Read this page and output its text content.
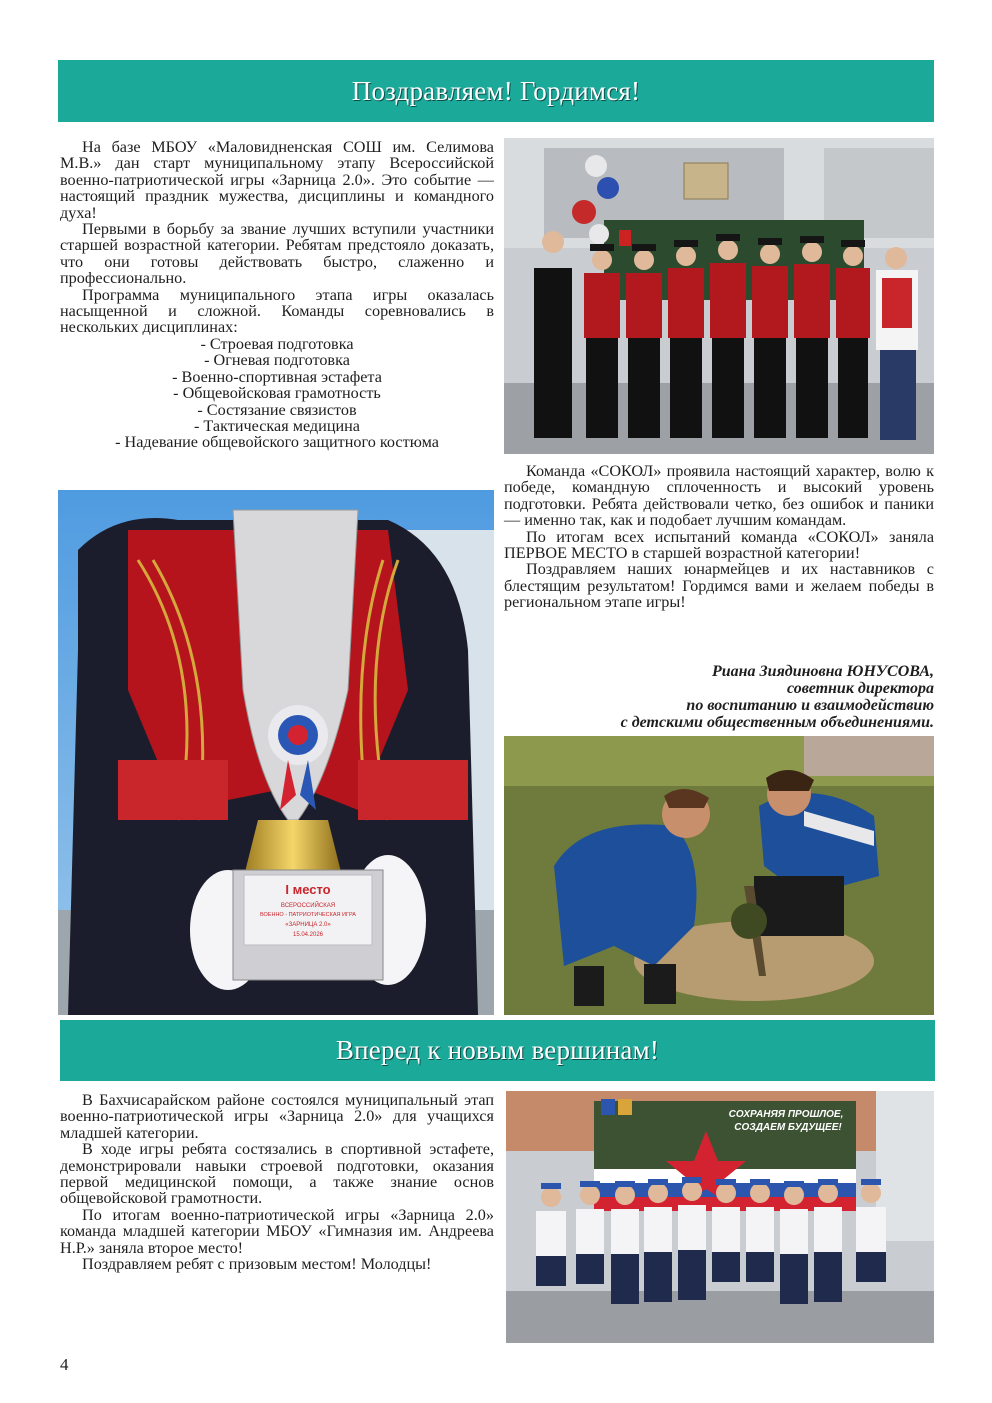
Поздравляем! Гордимся!

На базе МБОУ «Маловидненская СОШ им. Селимова М.В.» дан старт муниципальному этапу Всероссийской военно-патриотической игры «Зарница 2.0». Это событие — настоящий праздник мужества, дисциплины и командного духа!

Первыми в борьбу за звание лучших вступили участники старшей возрастной категории. Ребятам предстояло доказать, что они готовы действовать быстро, слаженно и профессионально.

Программа муниципального этапа игры оказалась насыщенной и сложной. Команды соревновались в нескольких дисциплинах:

- Строевая подготовка
- Огневая подготовка
- Военно-спортивная эстафета
- Общевойсковая грамотность
- Состязание связистов
- Тактическая медицина
- Надевание общевойского защитного костюма
I место
ВСЕРОССИЙСКАЯ
ВОЕННО - ПАТРИОТИЧЕСКАЯ ИГРА
«ЗАРНИЦА 2.0»
15.04.2026

Команда «СОКОЛ» проявила настоящий характер, волю к победе, командную сплоченность и высокий уровень подготовки. Ребята действовали четко, без ошибок и паники — именно так, как и подобает лучшим командам.

По итогам всех испытаний команда «СОКОЛ» заняла ПЕРВОЕ МЕСТО в старшей возрастной категории!

Поздравляем наших юнармейцев и их наставников с блестящим результатом! Гордимся вами и желаем победы в региональном этапе игры!

Риана Зиядиновна ЮНУСОВА,
советник директора
по воспитанию и взаимодействию
с детскими общественным объединениями.
Вперед к новым вершинам!

В Бахчисарайском районе состоялся муниципальный этап военно-патриотической игры «Зарница 2.0» для учащихся младшей категории.

В ходе игры ребята состязались в спортивной эстафете, демонстрировали навыки строевой подготовки, оказания первой медицинской помощи, а также знание основ общевойсковой грамотности.

По итогам военно-патриотической игры «Зарница 2.0» команда младшей категории МБОУ «Гимназия им. Андреева Н.Р.» заняла второе место!

Поздравляем ребят с призовым местом! Молодцы!

СОХРАНЯЯ ПРОШЛОЕ,
СОЗДАЕМ БУДУЩЕЕ!
4
